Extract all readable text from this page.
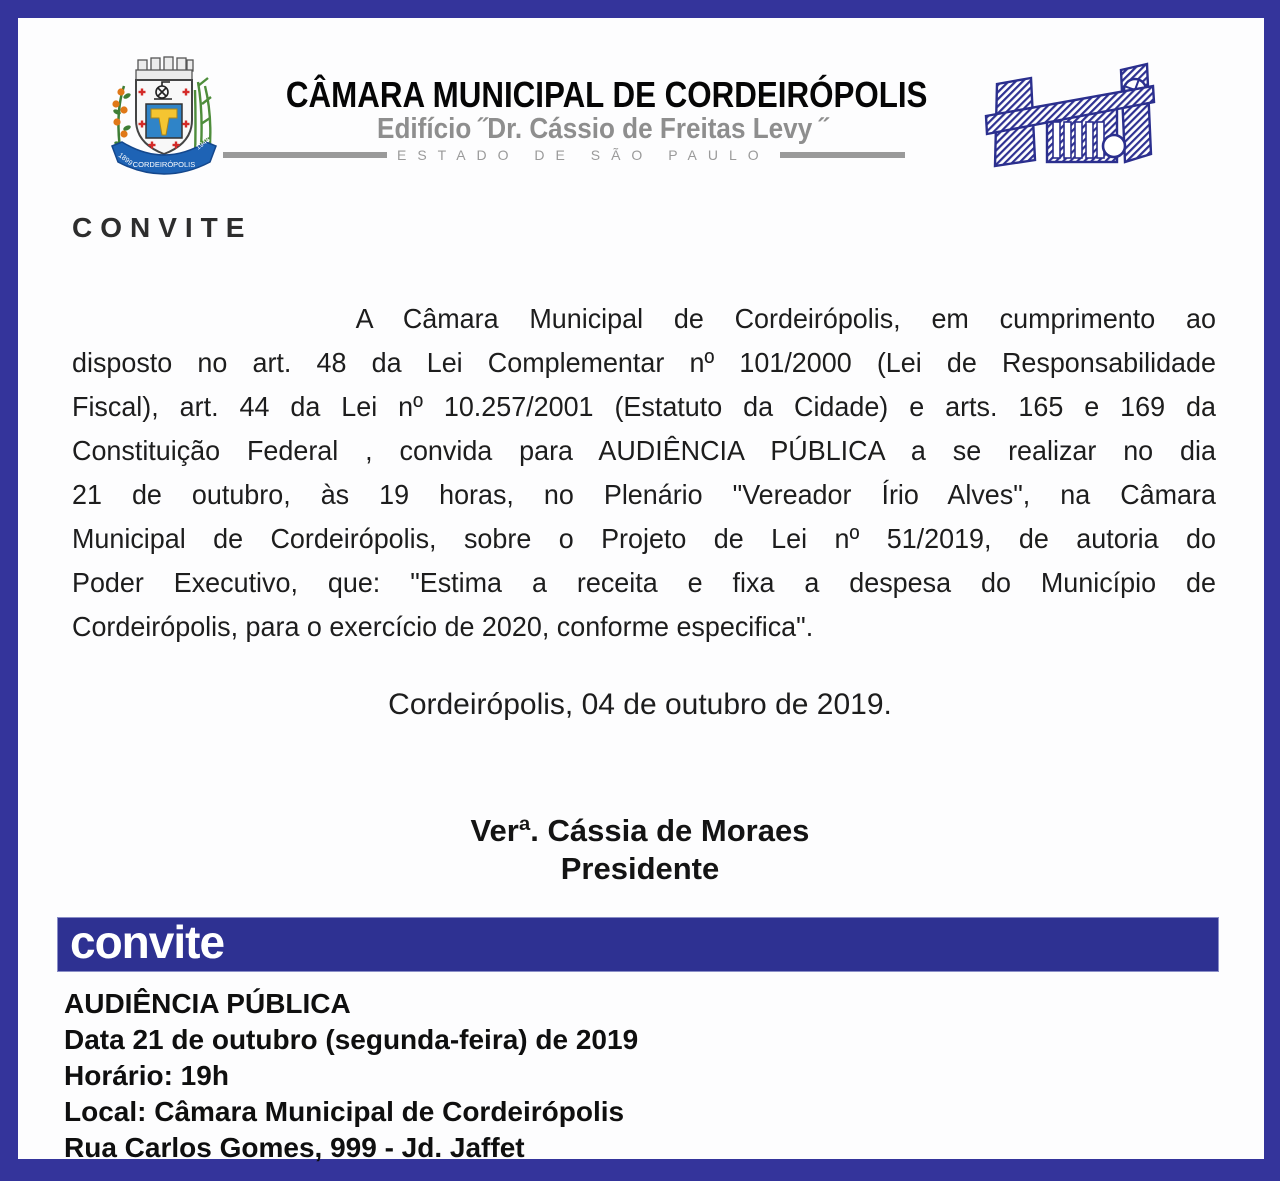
1899 CORDEIRÓPOLIS
1948
CÂMARA MUNICIPAL DE CORDEIRÓPOLIS
Edifício ˝Dr. Cássio de Freitas Levy ˝
ESTADO DE SÃO PAULO
CONVITE
A Câmara Municipal de Cordeirópolis, em cumprimento ao
disposto no art. 48 da Lei Complementar nº 101/2000 (Lei de Responsabilidade
Fiscal), art. 44 da Lei nº 10.257/2001 (Estatuto da Cidade) e arts. 165 e 169 da
Constituição Federal , convida para AUDIÊNCIA PÚBLICA a se realizar no dia
21 de outubro, às 19 horas, no Plenário "Vereador Írio Alves", na Câmara
Municipal de Cordeirópolis, sobre o Projeto de Lei nº 51/2019, de autoria do
Poder Executivo, que: "Estima a receita e fixa a despesa do Município de
Cordeirópolis, para o exercício de 2020, conforme especifica".
Cordeirópolis, 04 de outubro de 2019.
Verª. Cássia de Moraes
Presidente
convite
AUDIÊNCIA PÚBLICA
Data 21 de outubro (segunda-feira) de 2019
Horário: 19h
Local: Câmara Municipal de Cordeirópolis
Rua Carlos Gomes, 999 - Jd. Jaffet
